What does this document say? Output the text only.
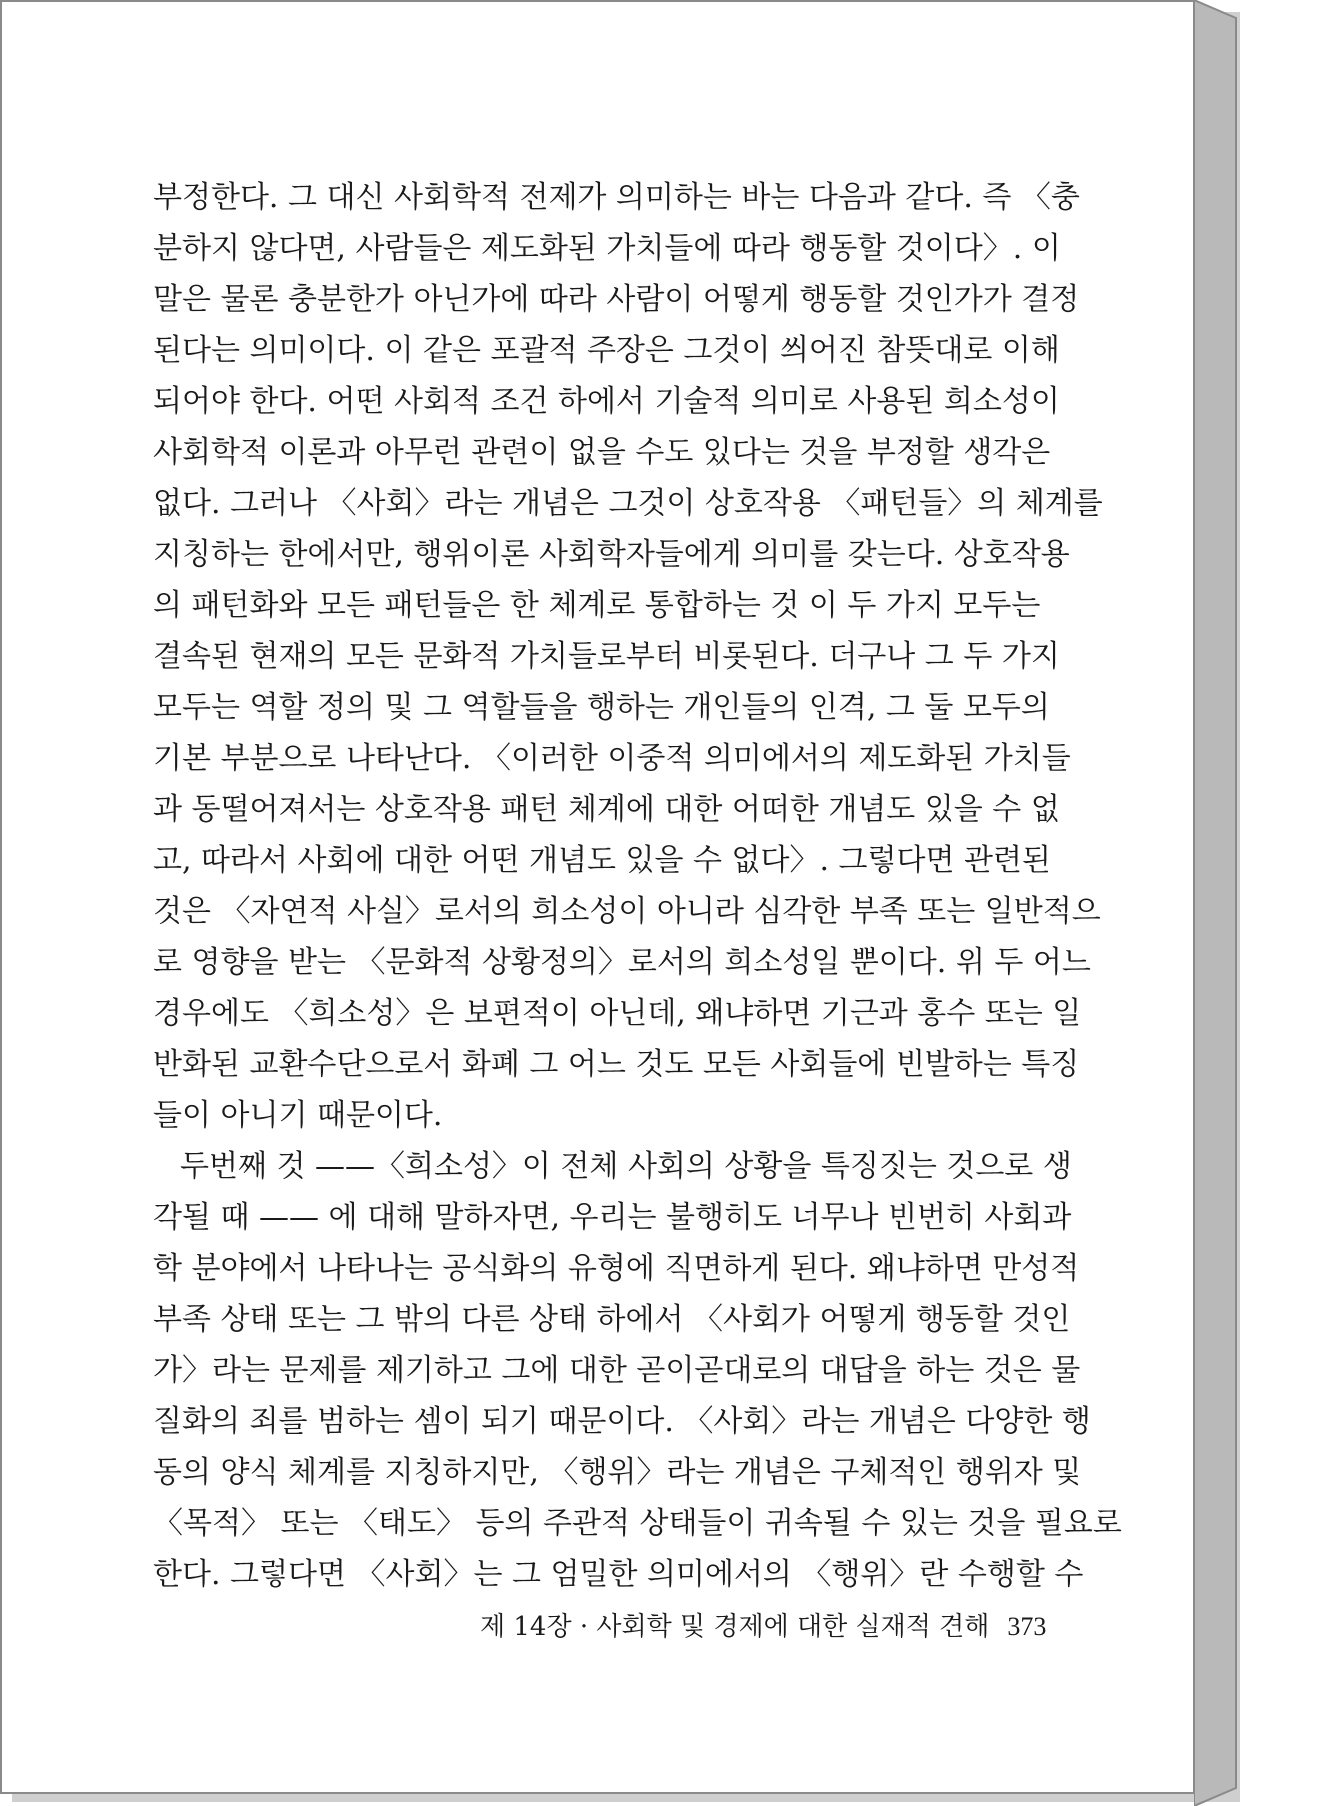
부정한다. 그 대신 사회학적 전제가 의미하는 바는 다음과 같다. 즉 〈충
분하지 않다면, 사람들은 제도화된 가치들에 따라 행동할 것이다〉. 이
말은 물론 충분한가 아닌가에 따라 사람이 어떻게 행동할 것인가가 결정
된다는 의미이다. 이 같은 포괄적 주장은 그것이 씌어진 참뜻대로 이해
되어야 한다. 어떤 사회적 조건 하에서 기술적 의미로 사용된 희소성이
사회학적 이론과 아무런 관련이 없을 수도 있다는 것을 부정할 생각은
없다. 그러나 〈사회〉라는 개념은 그것이 상호작용 〈패턴들〉의 체계를
지칭하는 한에서만, 행위이론 사회학자들에게 의미를 갖는다. 상호작용
의 패턴화와 모든 패턴들은 한 체계로 통합하는 것 이 두 가지 모두는
결속된 현재의 모든 문화적 가치들로부터 비롯된다. 더구나 그 두 가지
모두는 역할 정의 및 그 역할들을 행하는 개인들의 인격, 그 둘 모두의
기본 부분으로 나타난다. 〈이러한 이중적 의미에서의 제도화된 가치들
과 동떨어져서는 상호작용 패턴 체계에 대한 어떠한 개념도 있을 수 없
고, 따라서 사회에 대한 어떤 개념도 있을 수 없다〉. 그렇다면 관련된
것은 〈자연적 사실〉로서의 희소성이 아니라 심각한 부족 또는 일반적으
로 영향을 받는 〈문화적 상황정의〉로서의 희소성일 뿐이다. 위 두 어느
경우에도 〈희소성〉은 보편적이 아닌데, 왜냐하면 기근과 홍수 또는 일
반화된 교환수단으로서 화폐 그 어느 것도 모든 사회들에 빈발하는 특징
들이 아니기 때문이다.
두번째 것 ——〈희소성〉이 전체 사회의 상황을 특징짓는 것으로 생
각될 때 —— 에 대해 말하자면, 우리는 불행히도 너무나 빈번히 사회과
학 분야에서 나타나는 공식화의 유형에 직면하게 된다. 왜냐하면 만성적
부족 상태 또는 그 밖의 다른 상태 하에서 〈사회가 어떻게 행동할 것인
가〉라는 문제를 제기하고 그에 대한 곧이곧대로의 대답을 하는 것은 물
질화의 죄를 범하는 셈이 되기 때문이다. 〈사회〉라는 개념은 다양한 행
동의 양식 체계를 지칭하지만, 〈행위〉라는 개념은 구체적인 행위자 및
〈목적〉 또는 〈태도〉 등의 주관적 상태들이 귀속될 수 있는 것을 필요로
한다. 그렇다면 〈사회〉는 그 엄밀한 의미에서의 〈행위〉란 수행할 수
제 14장 · 사회학 및 경제에 대한 실재적 견해 373
